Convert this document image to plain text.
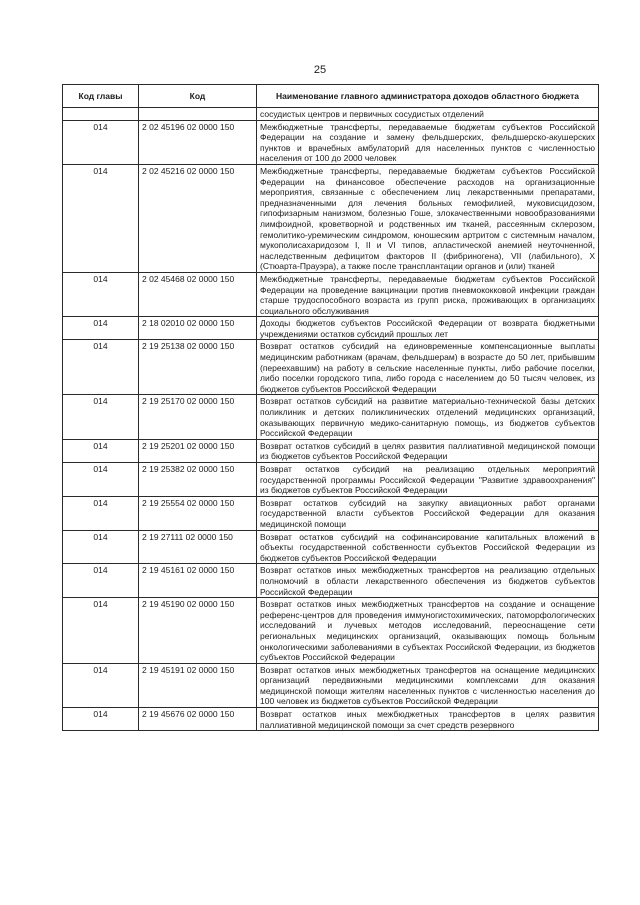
25
Код главы	Код	Наименование главного администратора доходов областного бюджета
		сосудистых центров и первичных сосудистых отделений
014	2 02 45196 02 0000 150	Межбюджетные трансферты, передаваемые бюджетам субъектов Российской Федерации на создание и замену фельдшерских, фельдшерско-акушерских пунктов и врачебных амбулаторий для населенных пунктов с численностью населения от 100 до 2000 человек
014	2 02 45216 02 0000 150	Межбюджетные трансферты, передаваемые бюджетам субъектов Российской Федерации на финансовое обеспечение расходов на организационные мероприятия, связанные с обеспечением лиц лекарственными препаратами, предназначенными для лечения больных гемофилией, муковисцидозом, гипофизарным нанизмом, болезнью Гоше, злокачественными новообразованиями лимфоидной, кроветворной и родственных им тканей, рассеянным склерозом, гемолитико-уремическим синдромом, юношеским артритом с системным началом, мукополисахаридозом I, II и VI типов, апластической анемией неуточненной, наследственным дефицитом факторов II (фибриногена), VII (лабильного), X (Стюарта-Прауэра), а также после трансплантации органов и (или) тканей
014	2 02 45468 02 0000 150	Межбюджетные трансферты, передаваемые бюджетам субъектов Российской Федерации на проведение вакцинации против пневмококковой инфекции граждан старше трудоспособного возраста из групп риска, проживающих в организациях социального обслуживания
014	2 18 02010 02 0000 150	Доходы бюджетов субъектов Российской Федерации от возврата бюджетными учреждениями остатков субсидий прошлых лет
014	2 19 25138 02 0000 150	Возврат остатков субсидий на единовременные компенсационные выплаты медицинским работникам (врачам, фельдшерам) в возрасте до 50 лет, прибывшим (переехавшим) на работу в сельские населенные пункты, либо рабочие поселки, либо поселки городского типа, либо города с населением до 50 тысяч человек, из бюджетов субъектов Российской Федерации
014	2 19 25170 02 0000 150	Возврат остатков субсидий на развитие материально-технической базы детских поликлиник и детских поликлинических отделений медицинских организаций, оказывающих первичную медико-санитарную помощь, из бюджетов субъектов Российской Федерации
014	2 19 25201 02 0000 150	Возврат остатков субсидий в целях развития паллиативной медицинской помощи из бюджетов субъектов Российской Федерации
014	2 19 25382 02 0000 150	Возврат остатков субсидий на реализацию отдельных мероприятий государственной программы Российской Федерации "Развитие здравоохранения" из бюджетов субъектов Российской Федерации
014	2 19 25554 02 0000 150	Возврат остатков субсидий на закупку авиационных работ органами государственной власти субъектов Российской Федерации для оказания медицинской помощи
014	2 19 27111 02 0000 150	Возврат остатков субсидий на софинансирование капитальных вложений в объекты государственной собственности субъектов Российской Федерации из бюджетов субъектов Российской Федерации
014	2 19 45161 02 0000 150	Возврат остатков иных межбюджетных трансфертов на реализацию отдельных полномочий в области лекарственного обеспечения из бюджетов субъектов Российской Федерации
014	2 19 45190 02 0000 150	Возврат остатков иных межбюджетных трансфертов на создание и оснащение референс-центров для проведения иммуногистохимических, патоморфологических исследований и лучевых методов исследований, переоснащение сети региональных медицинских организаций, оказывающих помощь больным онкологическими заболеваниями в субъектах Российской Федерации, из бюджетов субъектов Российской Федерации
014	2 19 45191 02 0000 150	Возврат остатков иных межбюджетных трансфертов на оснащение медицинских организаций передвижными медицинскими комплексами для оказания медицинской помощи жителям населенных пунктов с численностью населения до 100 человек из бюджетов субъектов Российской Федерации
014	2 19 45676 02 0000 150	Возврат остатков иных межбюджетных трансфертов в целях развития паллиативной медицинской помощи за счет средств резервного
